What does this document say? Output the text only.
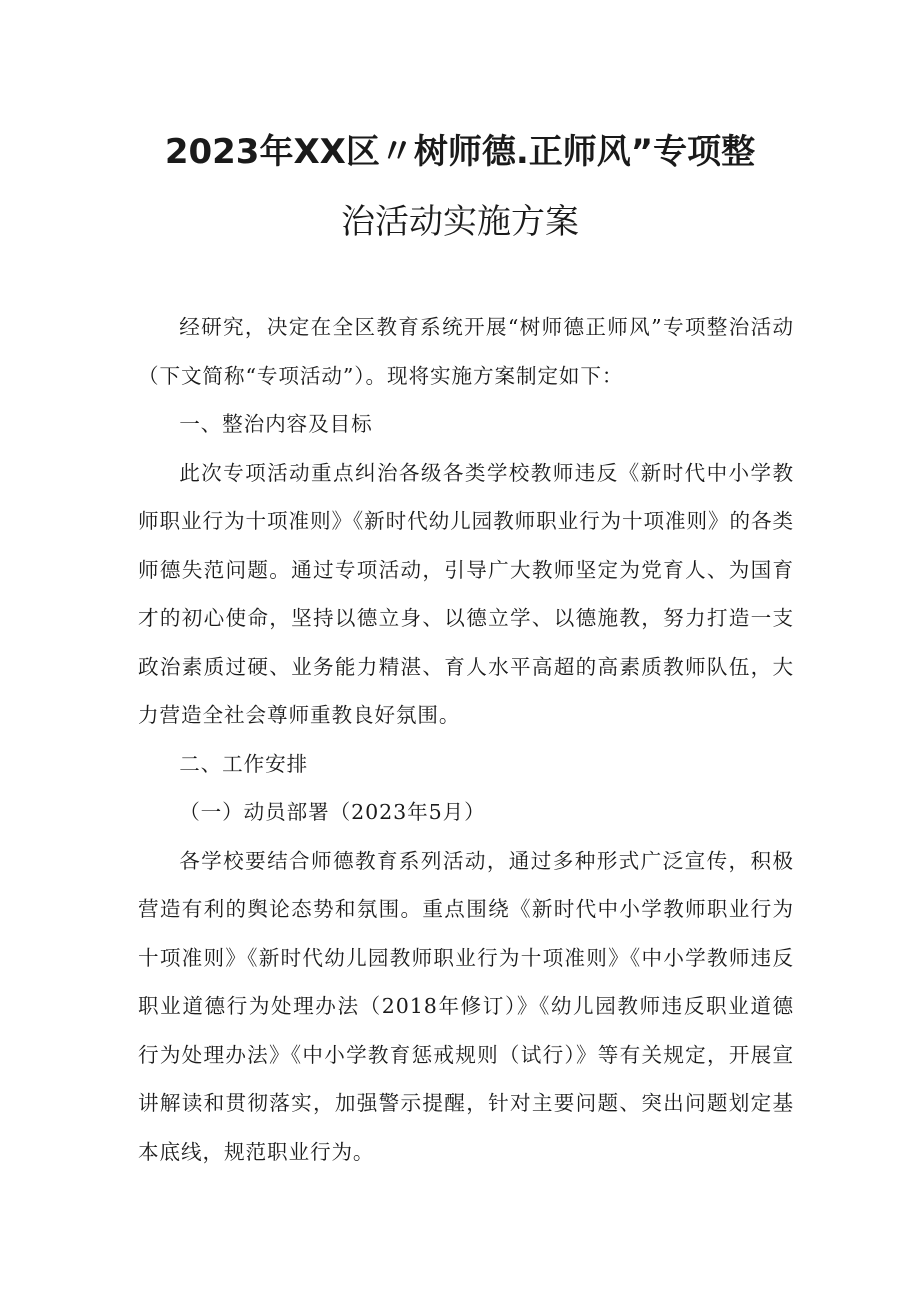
2023年XX区〃树师德.正师风”专项整
治活动实施方案

经研究，决定在全区教育系统开展“树师德正师风”专项整治活动（下文简称“专项活动”）。现将实施方案制定如下：

一、整治内容及目标

此次专项活动重点纠治各级各类学校教师违反《新时代中小学教师职业行为十项准则》《新时代幼儿园教师职业行为十项准则》的各类师德失范问题。通过专项活动，引导广大教师坚定为党育人、为国育才的初心使命，坚持以德立身、以德立学、以德施教，努力打造一支政治素质过硬、业务能力精湛、育人水平高超的高素质教师队伍，大力营造全社会尊师重教良好氛围。

二、工作安排

（一）动员部署（2023年5月）

各学校要结合师德教育系列活动，通过多种形式广泛宣传，积极营造有利的舆论态势和氛围。重点围绕《新时代中小学教师职业行为十项准则》《新时代幼儿园教师职业行为十项准则》《中小学教师违反职业道德行为处理办法（2018年修订）》《幼儿园教师违反职业道德行为处理办法》《中小学教育惩戒规则（试行）》等有关规定，开展宣讲解读和贯彻落实，加强警示提醒，针对主要问题、突出问题划定基本底线，规范职业行为。
